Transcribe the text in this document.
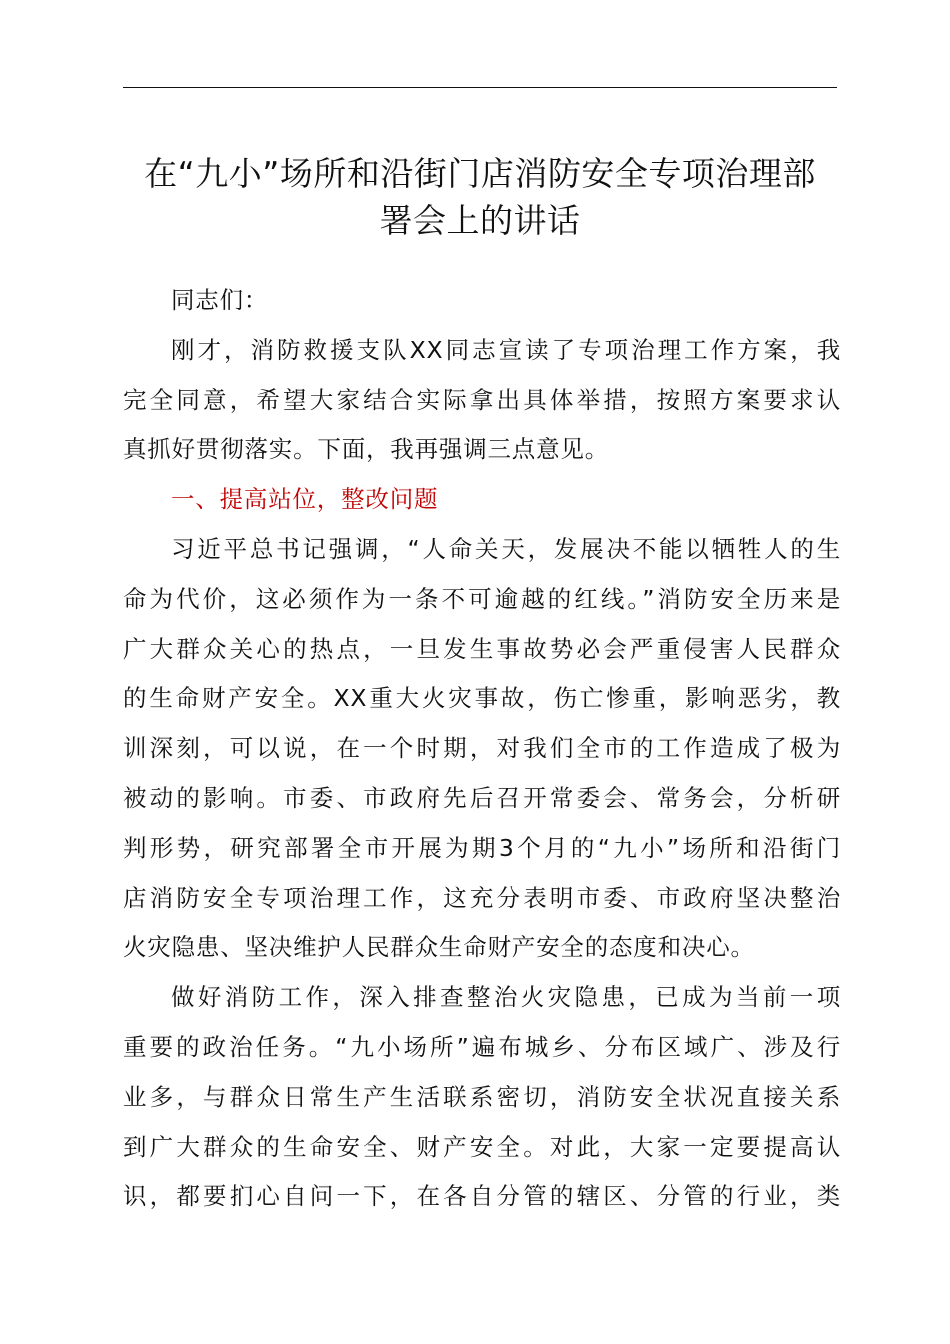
在“九小”场所和沿街门店消防安全专项治理部
署会上的讲话
同志们：
刚才，消防救援支队XX同志宣读了专项治理工作方案，我
完全同意，希望大家结合实际拿出具体举措，按照方案要求认
真抓好贯彻落实。下面，我再强调三点意见。
一、提高站位，整改问题
习近平总书记强调，“人命关天，发展决不能以牺牲人的生
命为代价，这必须作为一条不可逾越的红线。”消防安全历来是
广大群众关心的热点，一旦发生事故势必会严重侵害人民群众
的生命财产安全。XX重大火灾事故，伤亡惨重，影响恶劣，教
训深刻，可以说，在一个时期，对我们全市的工作造成了极为
被动的影响。市委、市政府先后召开常委会、常务会，分析研
判形势，研究部署全市开展为期3个月的“九小”场所和沿街门
店消防安全专项治理工作，这充分表明市委、市政府坚决整治
火灾隐患、坚决维护人民群众生命财产安全的态度和决心。
做好消防工作，深入排查整治火灾隐患，已成为当前一项
重要的政治任务。“九小场所”遍布城乡、分布区域广、涉及行
业多，与群众日常生产生活联系密切，消防安全状况直接关系
到广大群众的生命安全、财产安全。对此，大家一定要提高认
识，都要扪心自问一下，在各自分管的辖区、分管的行业，类
